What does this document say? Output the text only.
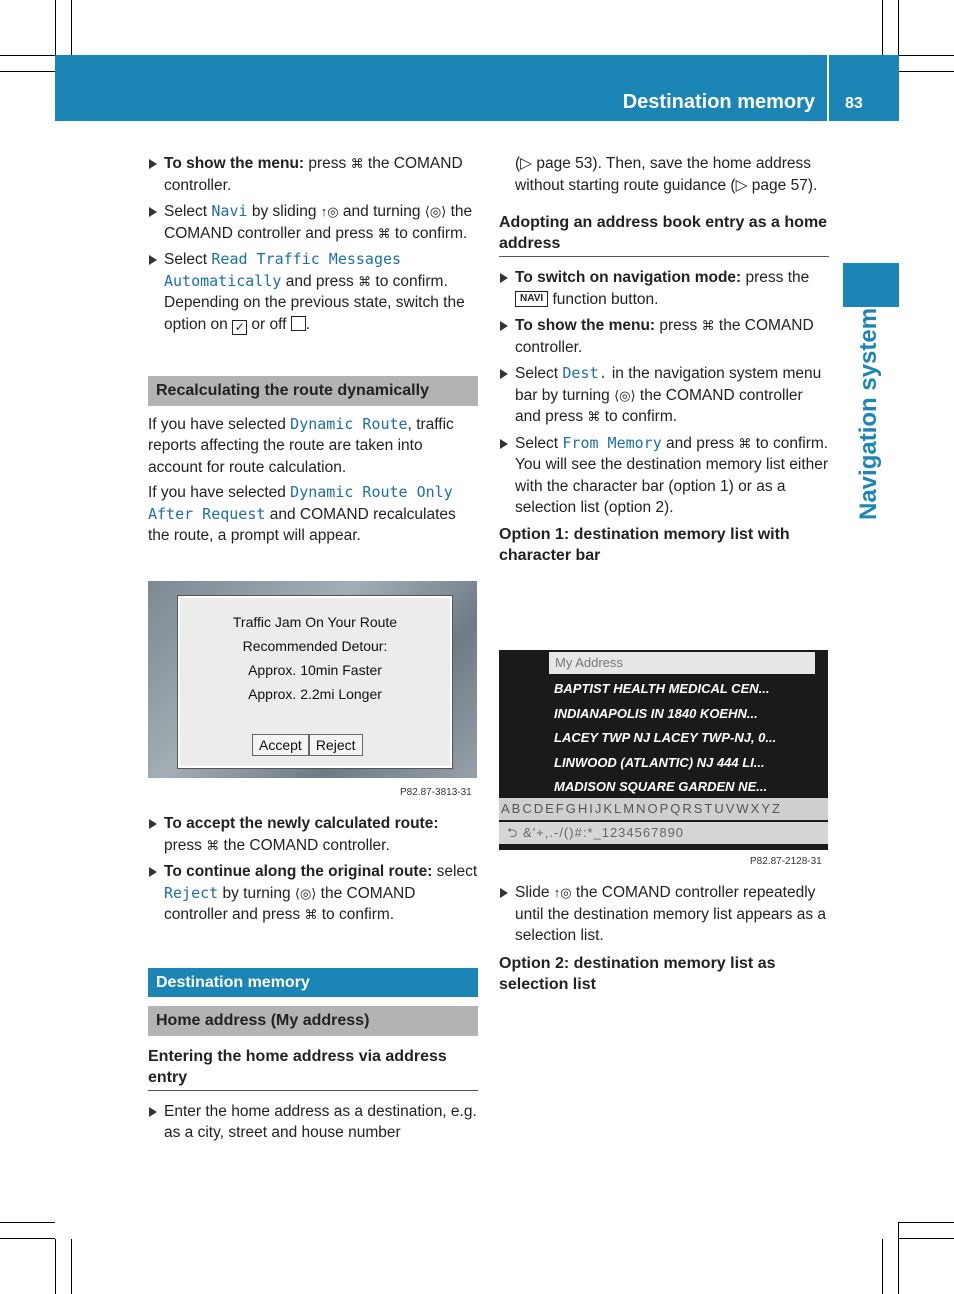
Destination memory 83
Navigation system
To show the menu: press ⌘ the COMAND controller.
Select Navi by sliding ↑◎ and turning ⟨◎⟩ the COMAND controller and press ⌘ to confirm.
Select Read Traffic Messages Automatically and press ⌘ to confirm.
Depending on the previous state, switch the option on ✓ or off .
Recalculating the route dynamically

If you have selected Dynamic Route, traffic reports affecting the route are taken into account for route calculation.

If you have selected Dynamic Route Only After Request and COMAND recalculates the route, a prompt will appear.

Traffic Jam On Your Route
Recommended Detour:
Approx. 10min Faster
Approx. 2.2mi Longer
Accept	Reject
P82.87-3813-31
To accept the newly calculated route: press ⌘ the COMAND controller.
To continue along the original route: select Reject by turning ⟨◎⟩ the COMAND controller and press ⌘ to confirm.
Destination memory
Home address (My address)
Entering the home address via address entry
Enter the home address as a destination, e.g. as a city, street and house number

(▷ page 53). Then, save the home address without starting route guidance (▷ page 57).

Adopting an address book entry as a home address
To switch on navigation mode: press the NAVI function button.
To show the menu: press ⌘ the COMAND controller.
Select Dest. in the navigation system menu bar by turning ⟨◎⟩ the COMAND controller and press ⌘ to confirm.
Select From Memory and press ⌘ to confirm.
You will see the destination memory list either with the character bar (option 1) or as a selection list (option 2).
Option 1: destination memory list with character bar
My Address
BAPTIST HEALTH MEDICAL CEN...
INDIANAPOLIS IN 1840 KOEHN...
LACEY TWP NJ LACEY TWP-NJ, 0...
LINWOOD (ATLANTIC) NJ 444 LI...
MADISON SQUARE GARDEN NE...
ABCDEFGHIJKLMNOPQRSTUVWXYZ
⮌ &'+,.-/()#:*_1234567890
P82.87-2128-31
Slide ↑◎ the COMAND controller repeatedly until the destination memory list appears as a selection list.
Option 2: destination memory list as selection list
